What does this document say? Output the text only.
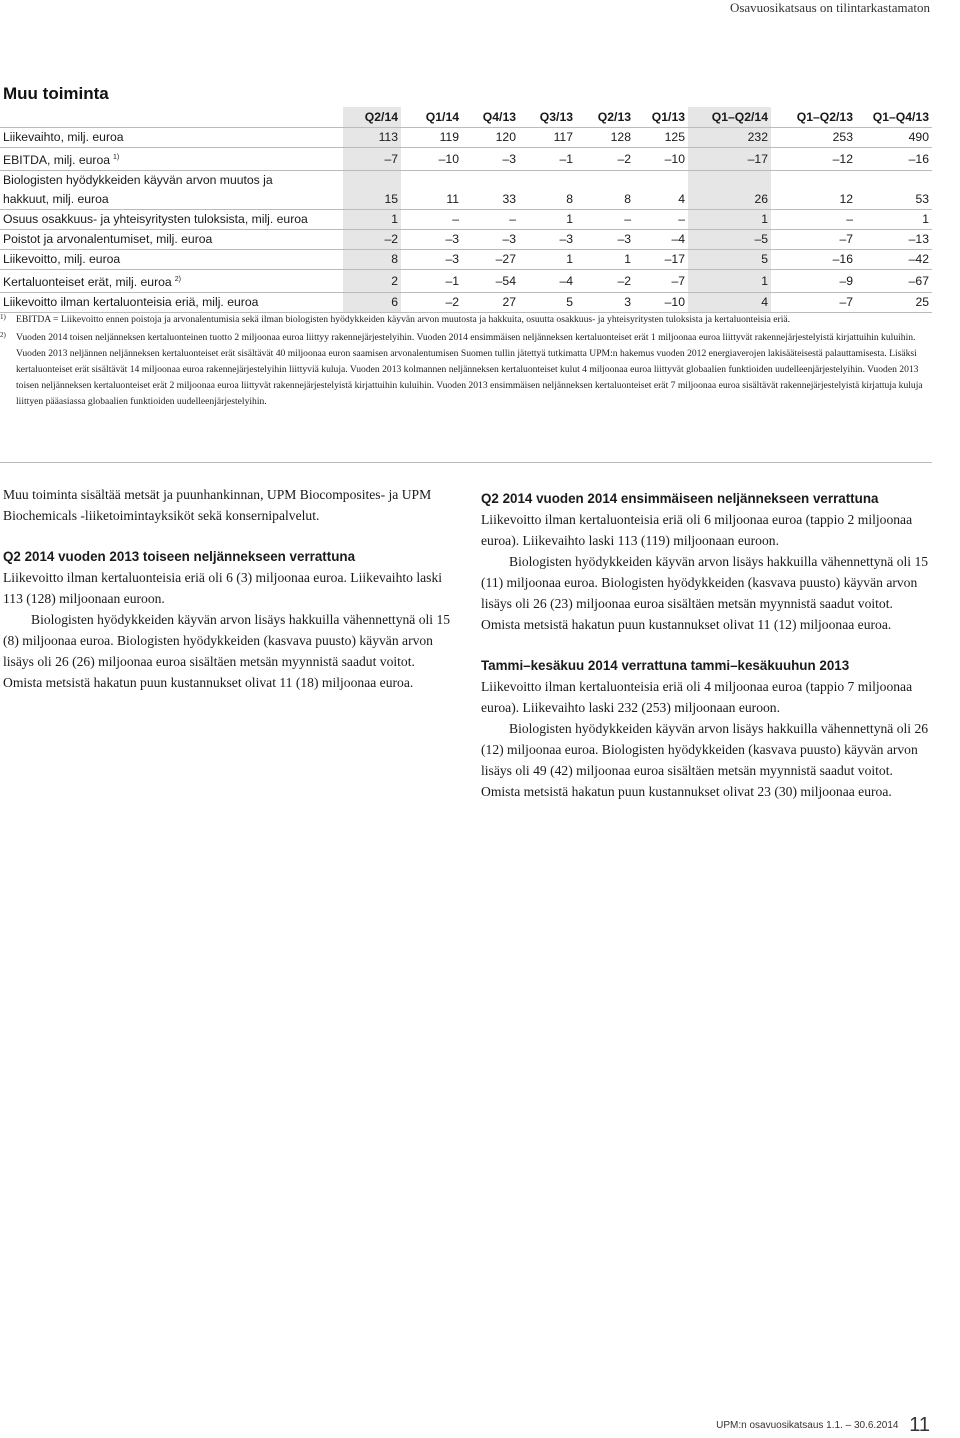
Osavuosikatsaus on tilintarkastamaton
Muu toiminta
	Q2/14	Q1/14	Q4/13	Q3/13	Q2/13	Q1/13	Q1–Q2/14	Q1–Q2/13	Q1–Q4/13
Liikevaihto, milj. euroa	113	119	120	117	128	125	232	253	490
EBITDA, milj. euroa $^{1)}$	–7	–10	–3	–1	–2	–10	–17	–12	–16
Biologisten hyödykkeiden käyvän arvon muutos ja									
hakkuut, milj. euroa	15	11	33	8	8	4	26	12	53
Osuus osakkuus- ja yhteisyritysten tuloksista, milj. euroa	1	–	–	1	–	–	1	–	1
Poistot ja arvonalentumiset, milj. euroa	–2	–3	–3	–3	–3	–4	–5	–7	–13
Liikevoitto, milj. euroa	8	–3	–27	1	1	–17	5	–16	–42
Kertaluonteiset erät, milj. euroa $^{2)}$	2	–1	–54	–4	–2	–7	1	–9	–67
Liikevoitto ilman kertaluonteisia eriä, milj. euroa	6	–2	27	5	3	–10	4	–7	25
1) EBITDA = Liikevoitto ennen poistoja ja arvonalentumisia sekä ilman biologisten hyödykkeiden käyvän arvon muutosta ja hakkuita, osuutta osakkuus- ja yhteisyritysten tuloksista ja kertaluonteisia eriä.
2) Vuoden 2014 toisen neljänneksen kertaluonteinen tuotto 2 miljoonaa euroa liittyy rakennejärjestelyihin. Vuoden 2014 ensimmäisen neljänneksen kertaluonteiset erät 1 miljoonaa euroa liittyvät rakennejärjestelyistä kirjattuihin kuluihin. Vuoden 2013 neljännen neljänneksen kertaluonteiset erät sisältävät 40 miljoonaa euron saamisen arvonalentumisen Suomen tullin jätettyä tutkimatta UPM:n hakemus vuoden 2012 energiaverojen lakisääteisestä palauttamisesta. Lisäksi kertaluonteiset erät sisältävät 14 miljoonaa euroa rakennejärjestelyihin liittyviä kuluja. Vuoden 2013 kolmannen neljänneksen kertaluonteiset kulut 4 miljoonaa euroa liittyvät globaalien funktioiden uudelleenjärjestelyihin. Vuoden 2013 toisen neljänneksen kertaluonteiset erät 2 miljoonaa euroa liittyvät rakennejärjestelyistä kirjattuihin kuluihin. Vuoden 2013 ensimmäisen neljänneksen kertaluonteiset erät 7 miljoonaa euroa sisältävät rakennejärjestelyistä kirjattuja kuluja liittyen pääasiassa globaalien funktioiden uudelleenjärjestelyihin.

Muu toiminta sisältää metsät ja puunhankinnan, UPM Biocomposites- ja UPM Biochemicals -liiketoimintayksiköt sekä konsernipalvelut.

Q2 2014 vuoden 2013 toiseen neljännekseen verrattuna

Liikevoitto ilman kertaluonteisia eriä oli 6 (3) miljoonaa euroa. Liikevaihto laski 113 (128) miljoonaan euroon.

Biologisten hyödykkeiden käyvän arvon lisäys hakkuilla vähennettynä oli 15 (8) miljoonaa euroa. Biologisten hyödykkeiden (kasvava puusto) käyvän arvon lisäys oli 26 (26) miljoonaa euroa sisältäen metsän myynnistä saadut voitot. Omista metsistä hakatun puun kustannukset olivat 11 (18) miljoonaa euroa.

Q2 2014 vuoden 2014 ensimmäiseen neljännekseen verrattuna

Liikevoitto ilman kertaluonteisia eriä oli 6 miljoonaa euroa (tappio 2 miljoonaa euroa). Liikevaihto laski 113 (119) miljoonaan euroon.

Biologisten hyödykkeiden käyvän arvon lisäys hakkuilla vähennettynä oli 15 (11) miljoonaa euroa. Biologisten hyödykkeiden (kasvava puusto) käyvän arvon lisäys oli 26 (23) miljoonaa euroa sisältäen metsän myynnistä saadut voitot. Omista metsistä hakatun puun kustannukset olivat 11 (12) miljoonaa euroa.

Tammi–kesäkuu 2014 verrattuna tammi–kesäkuuhun 2013

Liikevoitto ilman kertaluonteisia eriä oli 4 miljoonaa euroa (tappio 7 miljoonaa euroa). Liikevaihto laski 232 (253) miljoonaan euroon.

Biologisten hyödykkeiden käyvän arvon lisäys hakkuilla vähennettynä oli 26 (12) miljoonaa euroa. Biologisten hyödykkeiden (kasvava puusto) käyvän arvon lisäys oli 49 (42) miljoonaa euroa sisältäen metsän myynnistä saadut voitot. Omista metsistä hakatun puun kustannukset olivat 23 (30) miljoonaa euroa.

UPM:n osavuosikatsaus 1.1. – 30.6.2014 11
